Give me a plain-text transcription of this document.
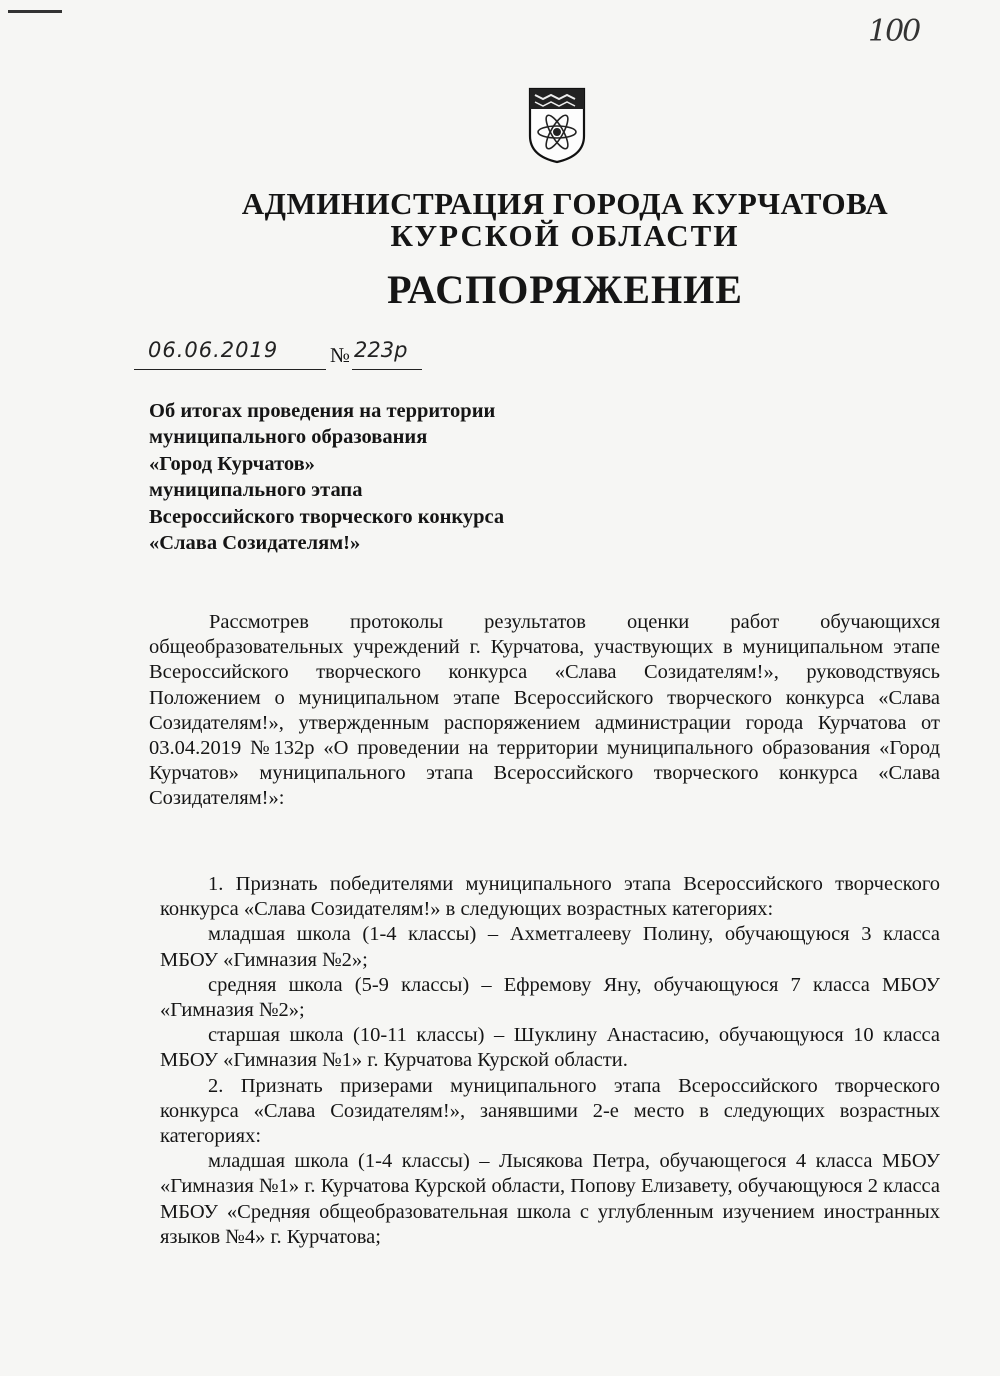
100
АДМИНИСТРАЦИЯ ГОРОДА КУРЧАТОВА
КУРСКОЙ ОБЛАСТИ
РАСПОРЯЖЕНИЕ
06.06.2019 № 223р
Об итогах проведения на территории
муниципального образования
«Город Курчатов»
муниципального этапа
Всероссийского творческого конкурса
«Слава Созидателям!»
Рассмотрев протоколы результатов оценки работ обучающихся общеобразовательных учреждений г. Курчатова, участвующих в муниципальном этапе Всероссийского творческого конкурса «Слава Созидателям!», руководствуясь Положением о муниципальном этапе Всероссийского творческого конкурса «Слава Созидателям!», утвержденным распоряжением администрации города Курчатова от 03.04.2019 №132р «О проведении на территории муниципального образования «Город Курчатов» муниципального этапа Всероссийского творческого конкурса «Слава Созидателям!»:
1. Признать победителями муниципального этапа Всероссийского творческого конкурса «Слава Созидателям!» в следующих возрастных категориях:
младшая школа (1-4 классы) – Ахметгалееву Полину, обучающуюся 3 класса МБОУ «Гимназия №2»;
средняя школа (5-9 классы) – Ефремову Яну, обучающуюся 7 класса МБОУ «Гимназия №2»;
старшая школа (10-11 классы) – Шуклину Анастасию, обучающуюся 10 класса МБОУ «Гимназия №1» г. Курчатова Курской области.
2. Признать призерами муниципального этапа Всероссийского творческого конкурса «Слава Созидателям!», занявшими 2-е место в следующих возрастных категориях:
младшая школа (1-4 классы) – Лысякова Петра, обучающегося 4 класса МБОУ «Гимназия №1» г. Курчатова Курской области, Попову Елизавету, обучающуюся 2 класса МБОУ «Средняя общеобразовательная школа с углубленным изучением иностранных языков №4» г. Курчатова;
